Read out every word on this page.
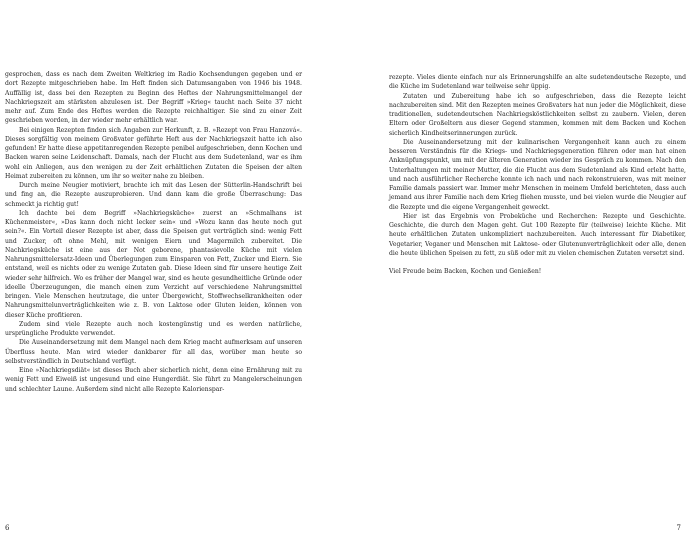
gesprochen, dass es nach dem Zweiten Weltkrieg im Radio Kochsendungen gegeben und er dort Rezepte mitgeschrieben habe. Im Heft finden sich Datumsangaben von 1946 bis 1948. Auffällig ist, dass bei den Rezepten zu Beginn des Heftes der Nahrungsmittelmangel der Nachkriegszeit am stärksten abzulesen ist. Der Begriff »Krieg« taucht nach Seite 37 nicht mehr auf. Zum Ende des Heftes werden die Rezepte reichhaltiger. Sie sind zu einer Zeit geschrieben worden, in der wieder mehr erhältlich war.

Bei einigen Rezepten finden sich Angaben zur Herkunft, z. B. »Rezept von Frau Hanzová«. Dieses sorgfältig von meinem Großvater geführte Heft aus der Nachkriegszeit hatte ich also gefunden! Er hatte diese appetitanregenden Rezepte penibel aufgeschrieben, denn Kochen und Backen waren seine Leidenschaft. Damals, nach der Flucht aus dem Sudetenland, war es ihm wohl ein Anliegen, aus den wenigen zu der Zeit erhältlichen Zutaten die Speisen der alten Heimat zubereiten zu können, um ihr so weiter nahe zu bleiben.

Durch meine Neugier motiviert, brachte ich mit das Lesen der Sütterlin-Handschrift bei und fing an, die Rezepte auszuprobieren. Und dann kam die große Überraschung: Das schmeckt ja richtig gut!

Ich dachte bei dem Begriff »Nachkriegsküche« zuerst an »Schmalhans ist Küchenmeister«, »Das kann doch nicht lecker sein« und »Wozu kann das heute noch gut sein?«. Ein Vorteil dieser Rezepte ist aber, dass die Speisen gut verträglich sind: wenig Fett und Zucker, oft ohne Mehl, mit wenigen Eiern und Magermilch zubereitet. Die Nachkriegsküche ist eine aus der Not geborene, phantasievolle Küche mit vielen Nahrungsmittelersatz-Ideen und Überlegungen zum Einsparen von Fett, Zucker und Eiern. Sie entstand, weil es nichts oder zu wenige Zutaten gab. Diese Ideen sind für unsere heutige Zeit wieder sehr hilfreich. Wo es früher der Mangel war, sind es heute gesundheitliche Gründe oder ideelle Überzeugungen, die manch einen zum Verzicht auf verschiedene Nahrungsmittel bringen. Viele Menschen heutzutage, die unter Übergewicht, Stoffwechselkrankheiten oder Nahrungsmittelunverträglichkeiten wie z. B. von Laktose oder Gluten leiden, können von dieser Küche profitieren.

Zudem sind viele Rezepte auch noch kostengünstig und es werden natürliche, ursprüngliche Produkte verwendet.

Die Auseinandersetzung mit dem Mangel nach dem Krieg macht aufmerksam auf unseren Überfluss heute. Man wird wieder dankbarer für all das, worüber man heute so selbstverständlich in Deutschland verfügt.

Eine »Nachkriegsdiät« ist dieses Buch aber sicherlich nicht, denn eine Ernährung mit zu wenig Fett und Eiweiß ist ungesund und eine Hungerdiät. Sie führt zu Mangelerscheinungen und schlechter Laune. Außerdem sind nicht alle Rezepte Kalorienspar-

6

rezepte. Vieles diente einfach nur als Erinnerungshilfe an alte sudetendeutsche Rezepte, und die Küche im Sudetenland war teilweise sehr üppig.

Zutaten und Zubereitung habe ich so aufgeschrieben, dass die Rezepte leicht nachzubereiten sind. Mit den Rezepten meines Großvaters hat nun jeder die Möglichkeit, diese traditionellen, sudetendeutschen Nachkriegsköstlichkeiten selbst zu zaubern. Vielen, deren Eltern oder Großeltern aus dieser Gegend stammen, kommen mit dem Backen und Kochen sicherlich Kindheitserinnerungen zurück.

Die Auseinandersetzung mit der kulinarischen Vergangenheit kann auch zu einem besseren Verständnis für die Kriegs- und Nachkriegsgeneration führen oder man hat einen Anknüpfungspunkt, um mit der älteren Generation wieder ins Gespräch zu kommen. Nach den Unterhaltungen mit meiner Mutter, die die Flucht aus dem Sudetenland als Kind erlebt hatte, und nach ausführlicher Recherche konnte ich nach und nach rekonstruieren, was mit meiner Familie damals passiert war. Immer mehr Menschen in meinem Umfeld berichteten, dass auch jemand aus ihrer Familie nach dem Krieg fliehen musste, und bei vielen wurde die Neugier auf die Rezepte und die eigene Vergangenheit geweckt.

Hier ist das Ergebnis von Probeküche und Recherchen: Rezepte und Geschichte. Geschichte, die durch den Magen geht. Gut 100 Rezepte für (teilweise) leichte Küche. Mit heute erhältlichen Zutaten unkompliziert nachzubereiten. Auch interessant für Diabetiker, Vegetarier, Veganer und Menschen mit Laktose- oder Glutenunverträglichkeit oder alle, denen die heute üblichen Speisen zu fett, zu süß oder mit zu vielen chemischen Zutaten versetzt sind.

Viel Freude beim Backen, Kochen und Genießen!

7
